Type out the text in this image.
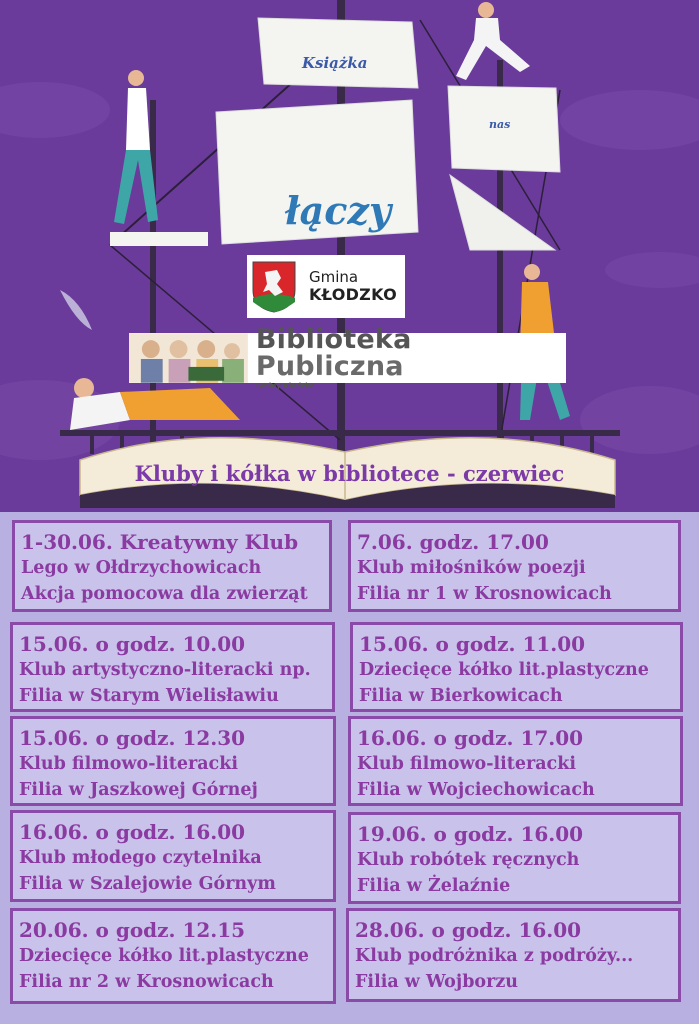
Książka
nas
łączy
Gmina
KŁODZKO
Biblioteka Publiczna
Gminy Kłodzko
Kluby i kółka w bibliotece - czerwiec
1-30.06. Kreatywny Klub
Lego w Ołdrzychowicach
Akcja pomocowa dla zwierząt
7.06. godz. 17.00
Klub miłośników poezji
Filia nr 1 w Krosnowicach
15.06. o godz. 10.00
Klub artystyczno-literacki np.
Filia w Starym Wielisławiu
15.06. o godz. 11.00
Dziecięce kółko lit.plastyczne
Filia w Bierkowicach
15.06. o godz. 12.30
Klub filmowo-literacki
Filia w Jaszkowej Górnej
16.06. o godz. 17.00
Klub filmowo-literacki
Filia w Wojciechowicach
16.06. o godz. 16.00
Klub młodego czytelnika
Filia w Szalejowie Górnym
19.06. o godz. 16.00
Klub robótek ręcznych
Filia w Żelaźnie
20.06. o godz. 12.15
Dziecięce kółko lit.plastyczne
Filia nr 2 w Krosnowicach
28.06. o godz. 16.00
Klub podróżnika z podróży...
Filia w Wojborzu
